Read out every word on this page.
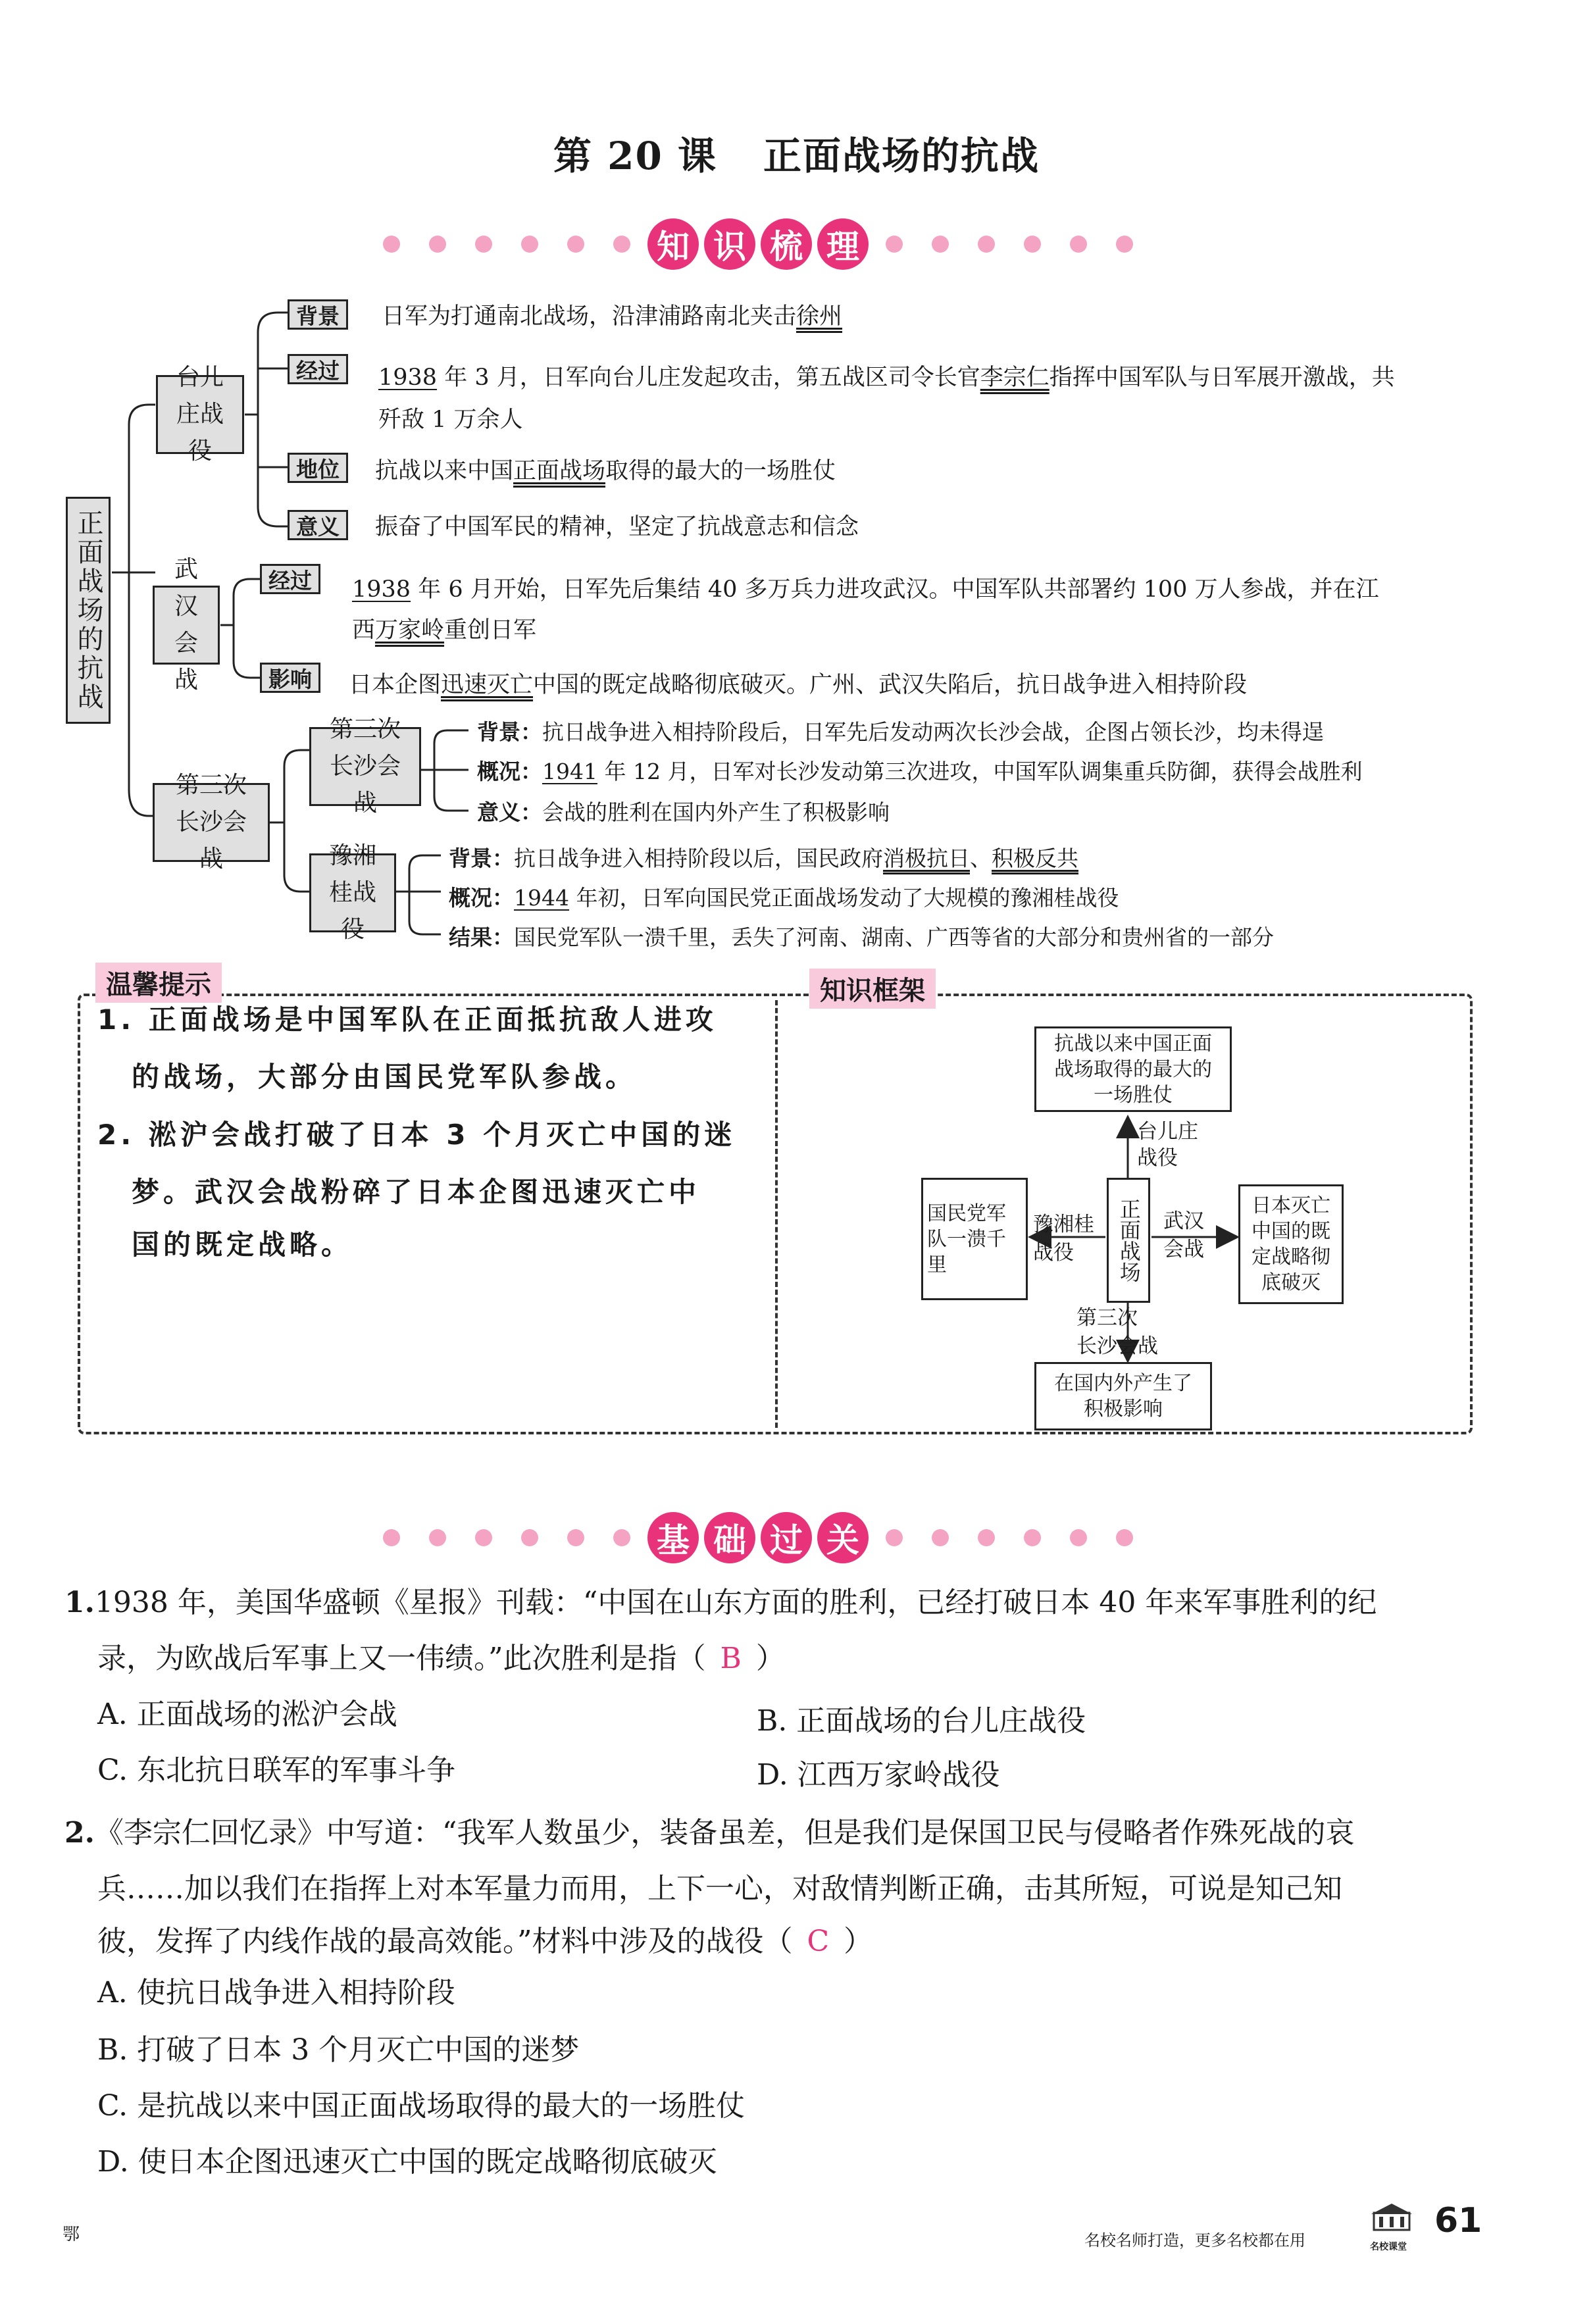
第 20 课 正面战场的抗战
知 识 梳 理
正面战场的抗战
台儿庄战役
背景	日军为打通南北战场，沿津浦路南北夹击徐州
经过	1938 年 3 月，日军向台儿庄发起攻击，第五战区司令长官李宗仁指挥中国军队与日军展开激战，共
歼敌 1 万余人
地位	抗战以来中国正面战场取得的最大的一场胜仗
意义	振奋了中国军民的精神，坚定了抗战意志和信念
武汉会战
经过	1938 年 6 月开始，日军先后集结 40 多万兵力进攻武汉。中国军队共部署约 100 万人参战，并在江
西万家岭重创日军
影响	日本企图迅速灭亡中国的既定战略彻底破灭。广州、武汉失陷后，抗日战争进入相持阶段
第三次长沙会战
第三次长沙会战
背景：抗日战争进入相持阶段后，日军先后发动两次长沙会战，企图占领长沙，均未得逞
概况：1941 年 12 月，日军对长沙发动第三次进攻，中国军队调集重兵防御，获得会战胜利
意义：会战的胜利在国内外产生了积极影响
豫湘桂战役
背景：抗日战争进入相持阶段以后，国民政府消极抗日、积极反共
概况：1944 年初，日军向国民党正面战场发动了大规模的豫湘桂战役
结果：国民党军队一溃千里，丢失了河南、湖南、广西等省的大部分和贵州省的一部分
温馨提示	知识框架
1. 正面战场是中国军队在正面抵抗敌人进攻
的战场，大部分由国民党军队参战。
2. 淞沪会战打破了日本 3 个月灭亡中国的迷
梦。武汉会战粉碎了日本企图迅速灭亡中
国的既定战略。
抗战以来中国正面战场取得的最大的一场胜仗
台儿庄战役
正面战场	武汉会战
日本灭亡中国的既定战略彻底破灭
豫湘桂战役
国民党军队一溃千里
第三次
长沙会战
在国内外产生了积极影响
基 础 过 关
1.1938 年，美国华盛顿《星报》刊载：“中国在山东方面的胜利，已经打破日本 40 年来军事胜利的纪
录，为欧战后军事上又一伟绩。”此次胜利是指（ B ）
A. 正面战场的淞沪会战	B. 正面战场的台儿庄战役
C. 东北抗日联军的军事斗争	D. 江西万家岭战役
2.《李宗仁回忆录》中写道：“我军人数虽少，装备虽差，但是我们是保国卫民与侵略者作殊死战的哀
兵……加以我们在指挥上对本军量力而用，上下一心，对敌情判断正确，击其所短，可说是知己知
彼，发挥了内线作战的最高效能。”材料中涉及的战役（ C ）
A. 使抗日战争进入相持阶段
B. 打破了日本 3 个月灭亡中国的迷梦
C. 是抗战以来中国正面战场取得的最大的一场胜仗
D. 使日本企图迅速灭亡中国的既定战略彻底破灭
鄂	名校名师打造，更多名校都在用	名校课堂
61
